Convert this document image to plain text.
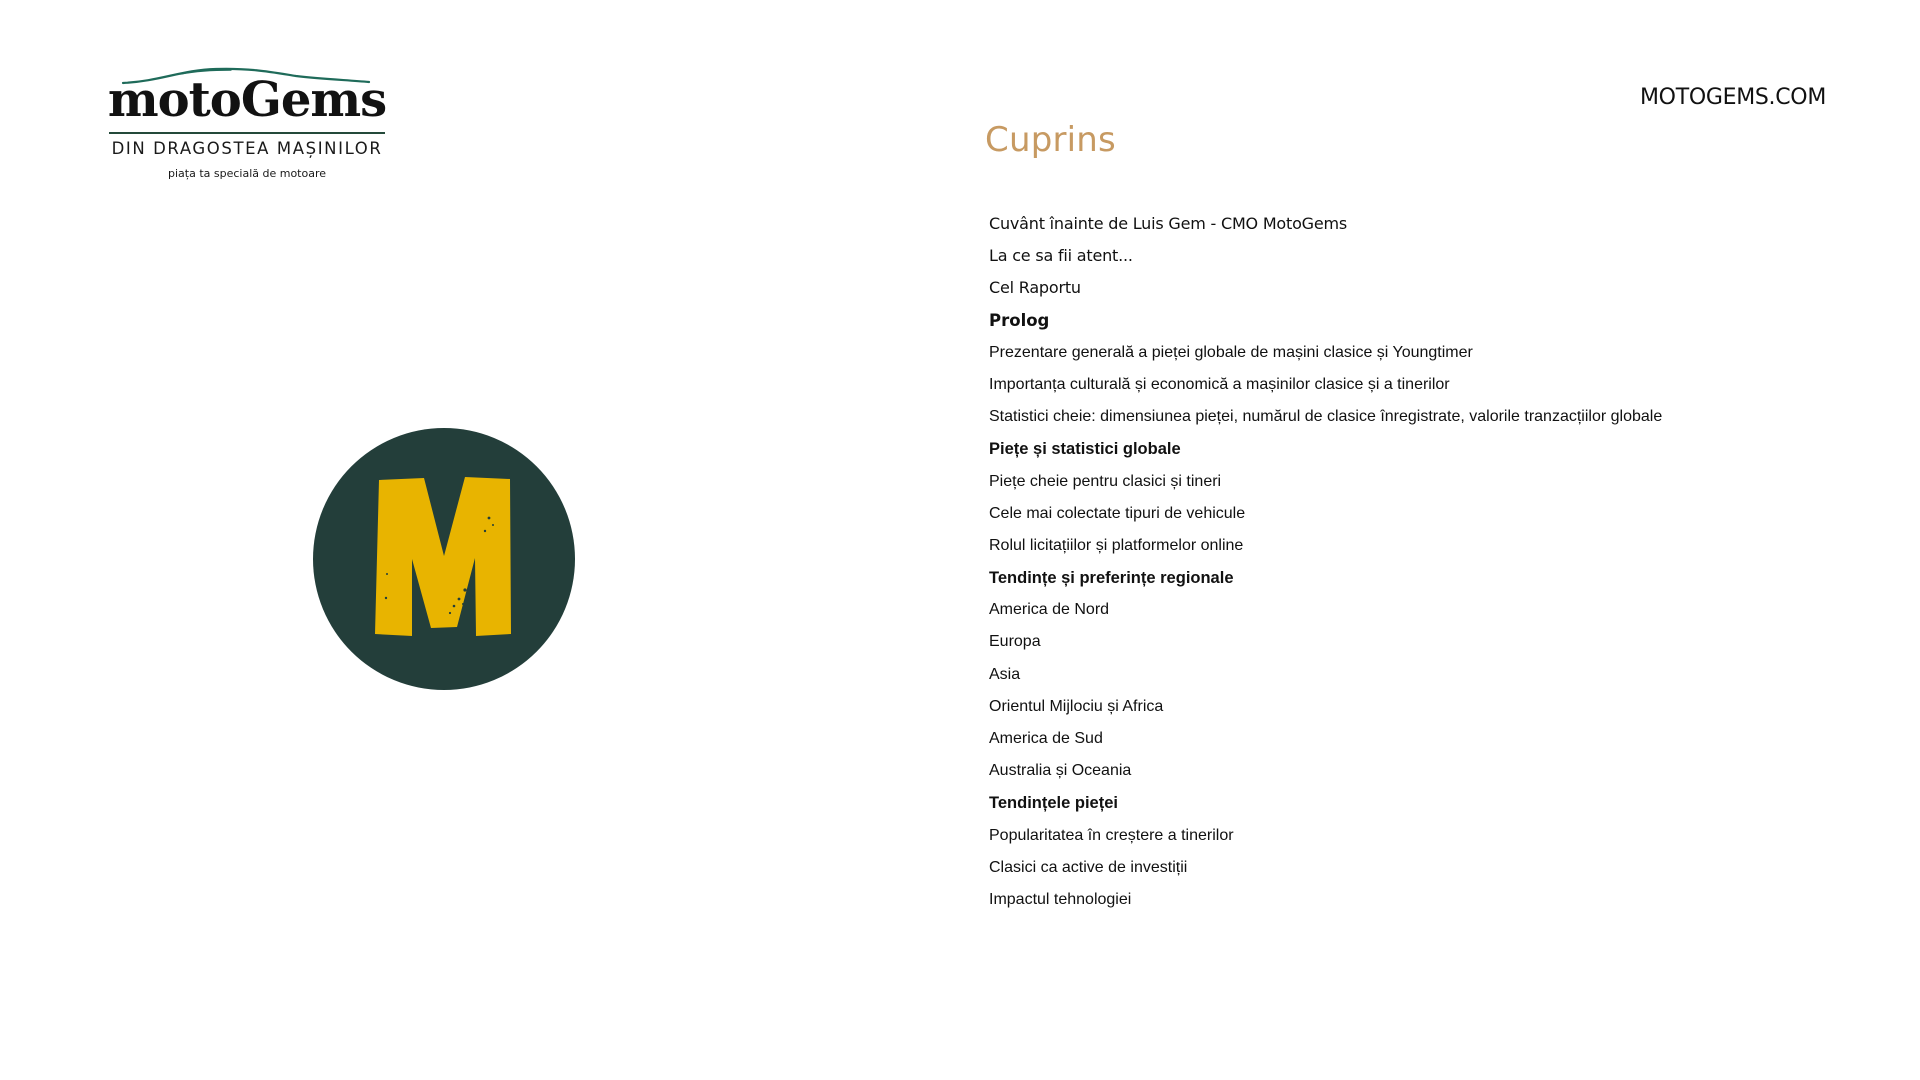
motoGems
DIN DRAGOSTEA MAȘINILOR
piața ta specială de motoare
MOTOGEMS.COM
Cuprins
Cuvânt înainte de Luis Gem - CMO MotoGems
La ce sa fii atent...
Cel Raportu
Prolog
Prezentare generală a pieței globale de mașini clasice și Youngtimer
Importanța culturală și economică a mașinilor clasice și a tinerilor
Statistici cheie: dimensiunea pieței, numărul de clasice înregistrate, valorile tranzacțiilor globale
Piețe și statistici globale
Piețe cheie pentru clasici și tineri
Cele mai colectate tipuri de vehicule
Rolul licitațiilor și platformelor online
Tendințe și preferințe regionale
America de Nord
Europa
Asia
Orientul Mijlociu și Africa
America de Sud
Australia și Oceania
Tendințele pieței
Popularitatea în creștere a tinerilor
Clasici ca active de investiții
Impactul tehnologiei
